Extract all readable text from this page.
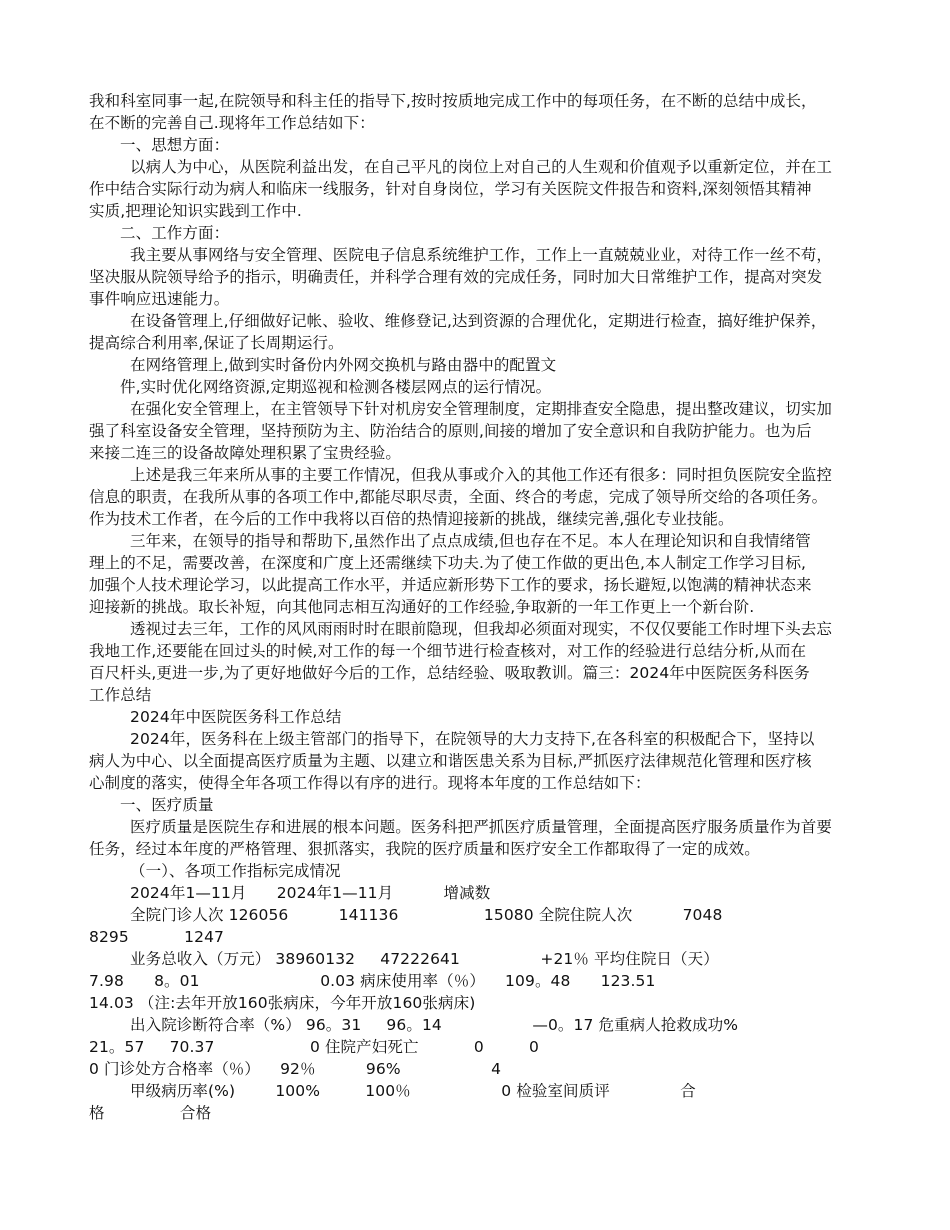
我和科室同事一起,在院领导和科主任的指导下,按时按质地完成工作中的每项任务，在不断的总结中成长，
在不断的完善自己.现将年工作总结如下：
一、思想方面：
以病人为中心，从医院利益出发，在自己平凡的岗位上对自己的人生观和价值观予以重新定位，并在工
作中结合实际行动为病人和临床一线服务，针对自身岗位，学习有关医院文件报告和资料,深刻领悟其精神
实质,把理论知识实践到工作中.
二、工作方面：
我主要从事网络与安全管理、医院电子信息系统维护工作，工作上一直兢兢业业，对待工作一丝不苟，
坚决服从院领导给予的指示，明确责任，并科学合理有效的完成任务，同时加大日常维护工作，提高对突发
事件响应迅速能力。
在设备管理上,仔细做好记帐、验收、维修登记,达到资源的合理优化，定期进行检查，搞好维护保养，
提高综合利用率,保证了长周期运行。
在网络管理上,做到实时备份内外网交换机与路由器中的配置文
件,实时优化网络资源,定期巡视和检测各楼层网点的运行情况。
在强化安全管理上，在主管领导下针对机房安全管理制度，定期排查安全隐患，提出整改建议，切实加
强了科室设备安全管理，坚持预防为主、防治结合的原则,间接的增加了安全意识和自我防护能力。也为后
来接二连三的设备故障处理积累了宝贵经验。
上述是我三年来所从事的主要工作情况，但我从事或介入的其他工作还有很多：同时担负医院安全监控
信息的职责，在我所从事的各项工作中,都能尽职尽责，全面、终合的考虑，完成了领导所交给的各项任务。
作为技术工作者，在今后的工作中我将以百倍的热情迎接新的挑战，继续完善,强化专业技能。
三年来，在领导的指导和帮助下,虽然作出了点点成绩,但也存在不足。本人在理论知识和自我情绪管
理上的不足，需要改善，在深度和广度上还需继续下功夫.为了使工作做的更出色,本人制定工作学习目标,
加强个人技术理论学习，以此提高工作水平，并适应新形势下工作的要求，扬长避短,以饱满的精神状态来
迎接新的挑战。取长补短，向其他同志相互沟通好的工作经验,争取新的一年工作更上一个新台阶.
透视过去三年，工作的风风雨雨时时在眼前隐现，但我却必须面对现实，不仅仅要能工作时埋下头去忘
我地工作,还要能在回过头的时候,对工作的每一个细节进行检查核对，对工作的经验进行总结分析,从而在
百尺杆头,更进一步,为了更好地做好今后的工作，总结经验、吸取教训。篇三：2024年中医院医务科医务
工作总结
2024年中医院医务科工作总结
2024年，医务科在上级主管部门的指导下，在院领导的大力支持下,在各科室的积极配合下，坚持以
病人为中心、以全面提高医疗质量为主题、以建立和谐医患关系为目标,严抓医疗法律规范化管理和医疗核
心制度的落实，使得全年各项工作得以有序的进行。现将本年度的工作总结如下：
一、医疗质量
医疗质量是医院生存和进展的根本问题。医务科把严抓医疗质量管理，全面提高医疗服务质量作为首要
任务，经过本年度的严格管理、狠抓落实，我院的医疗质量和医疗安全工作都取得了一定的成效。
（一）、各项工作指标完成情况
2024年1—11月      2024年1—11月          增减数
全院门诊人次 126056          141136                 15080 全院住院人次          7048
8295           1247
业务总收入（万元） 38960132     47222641                +21％ 平均住院日（天）
7.98      8。01                        0.03 病床使用率（％）    109。48      123.51
14.03 （注:去年开放160张病床，今年开放160张病床)
出入院诊断符合率（%） 96。31     96。14                  —0。17 危重病人抢救成功%
21。57     70.37                   0 住院产妇死亡           0         0
0 门诊处方合格率（％）    92％          96%                  4
甲级病历率(%)        100%         100％                  0 检验室间质评              合
格               合格
